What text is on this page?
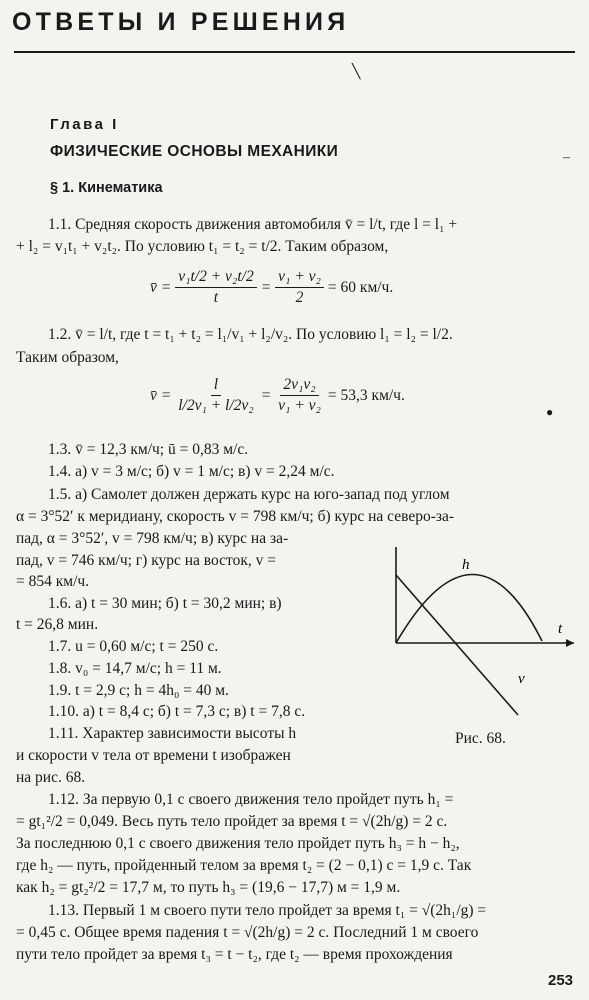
ОТВЕТЫ И РЕШЕНИЯ
╲
–
Глава I
ФИЗИЧЕСКИЕ ОСНОВЫ МЕХАНИКИ
§ 1. Кинематика
1.1. Средняя скорость движения автомобиля v̄ = l/t, где l = l₁ +
+ l₂ = v₁t₁ + v₂t₂. По условию t₁ = t₂ = t/2. Таким образом,
v̄ = $\frac{\text{v₁t/2 + v₂t/2}}{t} = \frac{\text{v₁ + v₂}}{2} = 60$ км/ч.
1.2. v̄ = l/t, где t = t₁ + t₂ = l₁/v₁ + l₂/v₂. По условию l₁ = l₂ = l/2.
Таким образом,
v̄ = $\frac{l}{\text{l/2v₁ + l/2v₂}} = \frac{\text{2v₁v₂}}{\text{v₁ + v₂}} = 53,3$ км/ч.
●
1.3. v̄ = 12,3 км/ч; ū = 0,83 м/с.
1.4. а) v = 3 м/с; б) v = 1 м/с; в) v = 2,24 м/с.
1.5. а) Самолет должен держать курс на юго-запад под углом
α = 3°52′ к меридиану, скорость v = 798 км/ч; б) курс на северо-за-
пад, α = 3°52′, v = 798 км/ч; в) курс на за-
пад, v = 746 км/ч; г) курс на восток, v =
= 854 км/ч.
1.6. а) t = 30 мин; б) t = 30,2 мин; в)
t = 26,8 мин.
1.7. u = 0,60 м/с; t = 250 с.
1.8. v₀ = 14,7 м/с; h = 11 м.
1.9. t = 2,9 с; h = 4h₀ = 40 м.
1.10. а) t = 8,4 с; б) t = 7,3 с; в) t = 7,8 с.
1.11. Характер зависимости высоты h
и скорости v тела от времени t изображен
на рис. 68.
h
t
v
Рис. 68.
1.12. За первую 0,1 с своего движения тело пройдет путь h₁ =
= gt₁²/2 = 0,049. Весь путь тело пройдет за время t = √(2h/g) = 2 с.
За последнюю 0,1 с своего движения тело пройдет путь h₃ = h − h₂,
где h₂ — путь, пройденный телом за время t₂ = (2 − 0,1) с = 1,9 с. Так
как h₂ = gt₂²/2 = 17,7 м, то путь h₃ = (19,6 − 17,7) м = 1,9 м.
1.13. Первый 1 м своего пути тело пройдет за время t₁ = √(2h₁/g) =
= 0,45 с. Общее время падения t = √(2h/g) = 2 с. Последний 1 м своего
пути тело пройдет за время t₃ = t − t₂, где t₂ — время прохождения
253
